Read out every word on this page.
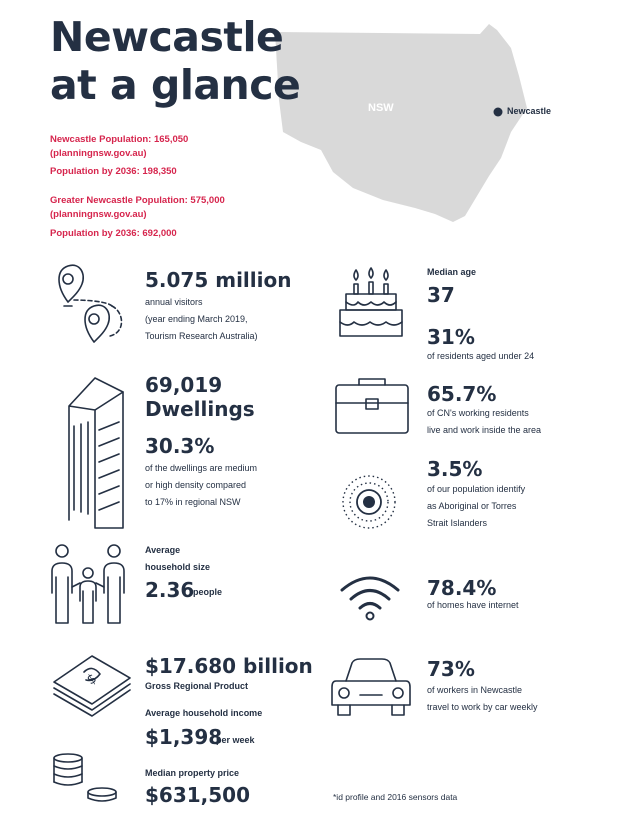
NSW	Newcastle
Newcastle
at a glance
Newcastle Population: 165,050
(planningnsw.gov.au)
Population by 2036: 198,350
Greater Newcastle Population: 575,000
(planningnsw.gov.au)
Population by 2036: 692,000
5.075 million
annual visitors
(year ending March 2019,
Tourism Research Australia)
69,019
Dwellings
30.3%
of the dwellings are medium
or high density compared
to 17% in regional NSW
Average
household size
2.36
people
$
$17.680 billion
Gross Regional Product
Average household income
$1,398
per week
Median property price
$631,500
Median age
37
31%
of residents aged under 24
65.7%
of CN's working residents
live and work inside the area
3.5%
of our population identify
as Aboriginal or Torres
Strait Islanders
78.4%
of homes have internet
73%
of workers in Newcastle
travel to work by car weekly
*id profile and 2016 sensors data
